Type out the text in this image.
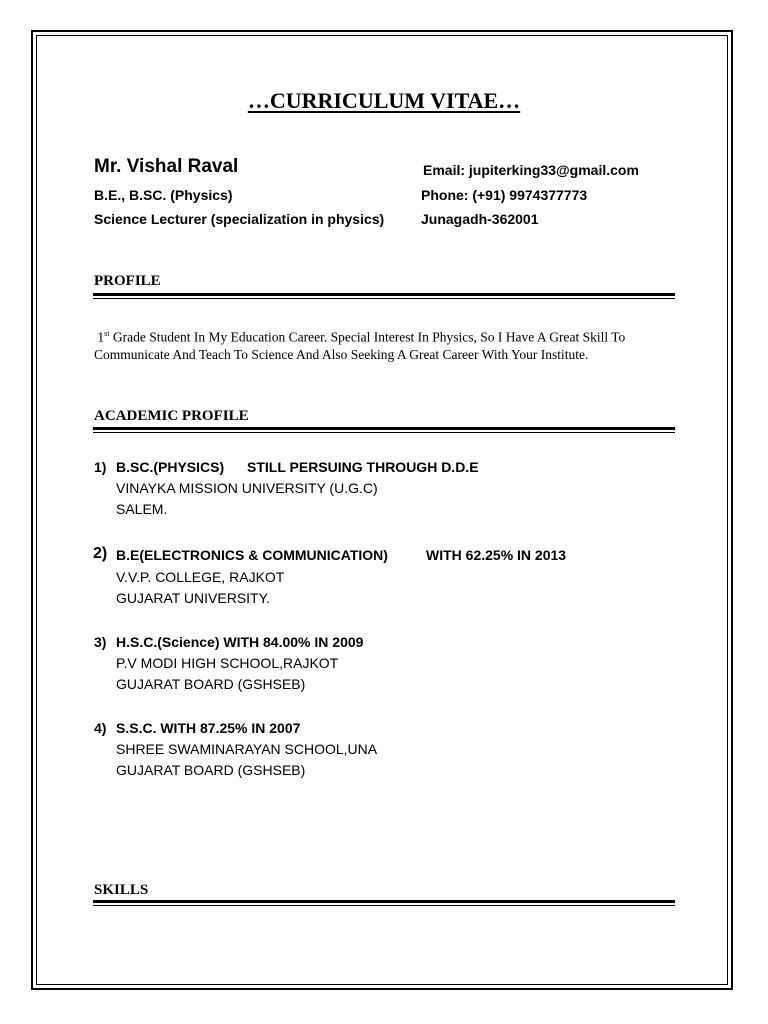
…CURRICULUM VITAE…
Mr. Vishal Raval
B.E., B.SC. (Physics)
Science Lecturer (specialization in physics)
Email: jupiterking33@gmail.com
Phone: (+91) 9974377773
Junagadh-362001
PROFILE
1st Grade Student In My Education Career. Special Interest In Physics, So I Have A Great Skill To Communicate And Teach To Science And Also Seeking A Great Career With Your Institute.
ACADEMIC PROFILE
1) B.SC.(PHYSICS) STILL PERSUING THROUGH D.D.E
VINAYKA MISSION UNIVERSITY (U.G.C)
SALEM.
2) B.E(ELECTRONICS & COMMUNICATION)	WITH 62.25% IN 2013
V.V.P. COLLEGE, RAJKOT
GUJARAT UNIVERSITY.
3) H.S.C.(Science) WITH 84.00% IN 2009
P.V MODI HIGH SCHOOL,RAJKOT
GUJARAT BOARD (GSHSEB)
4) S.S.C. WITH 87.25% IN 2007
SHREE SWAMINARAYAN SCHOOL,UNA
GUJARAT BOARD (GSHSEB)
SKILLS
